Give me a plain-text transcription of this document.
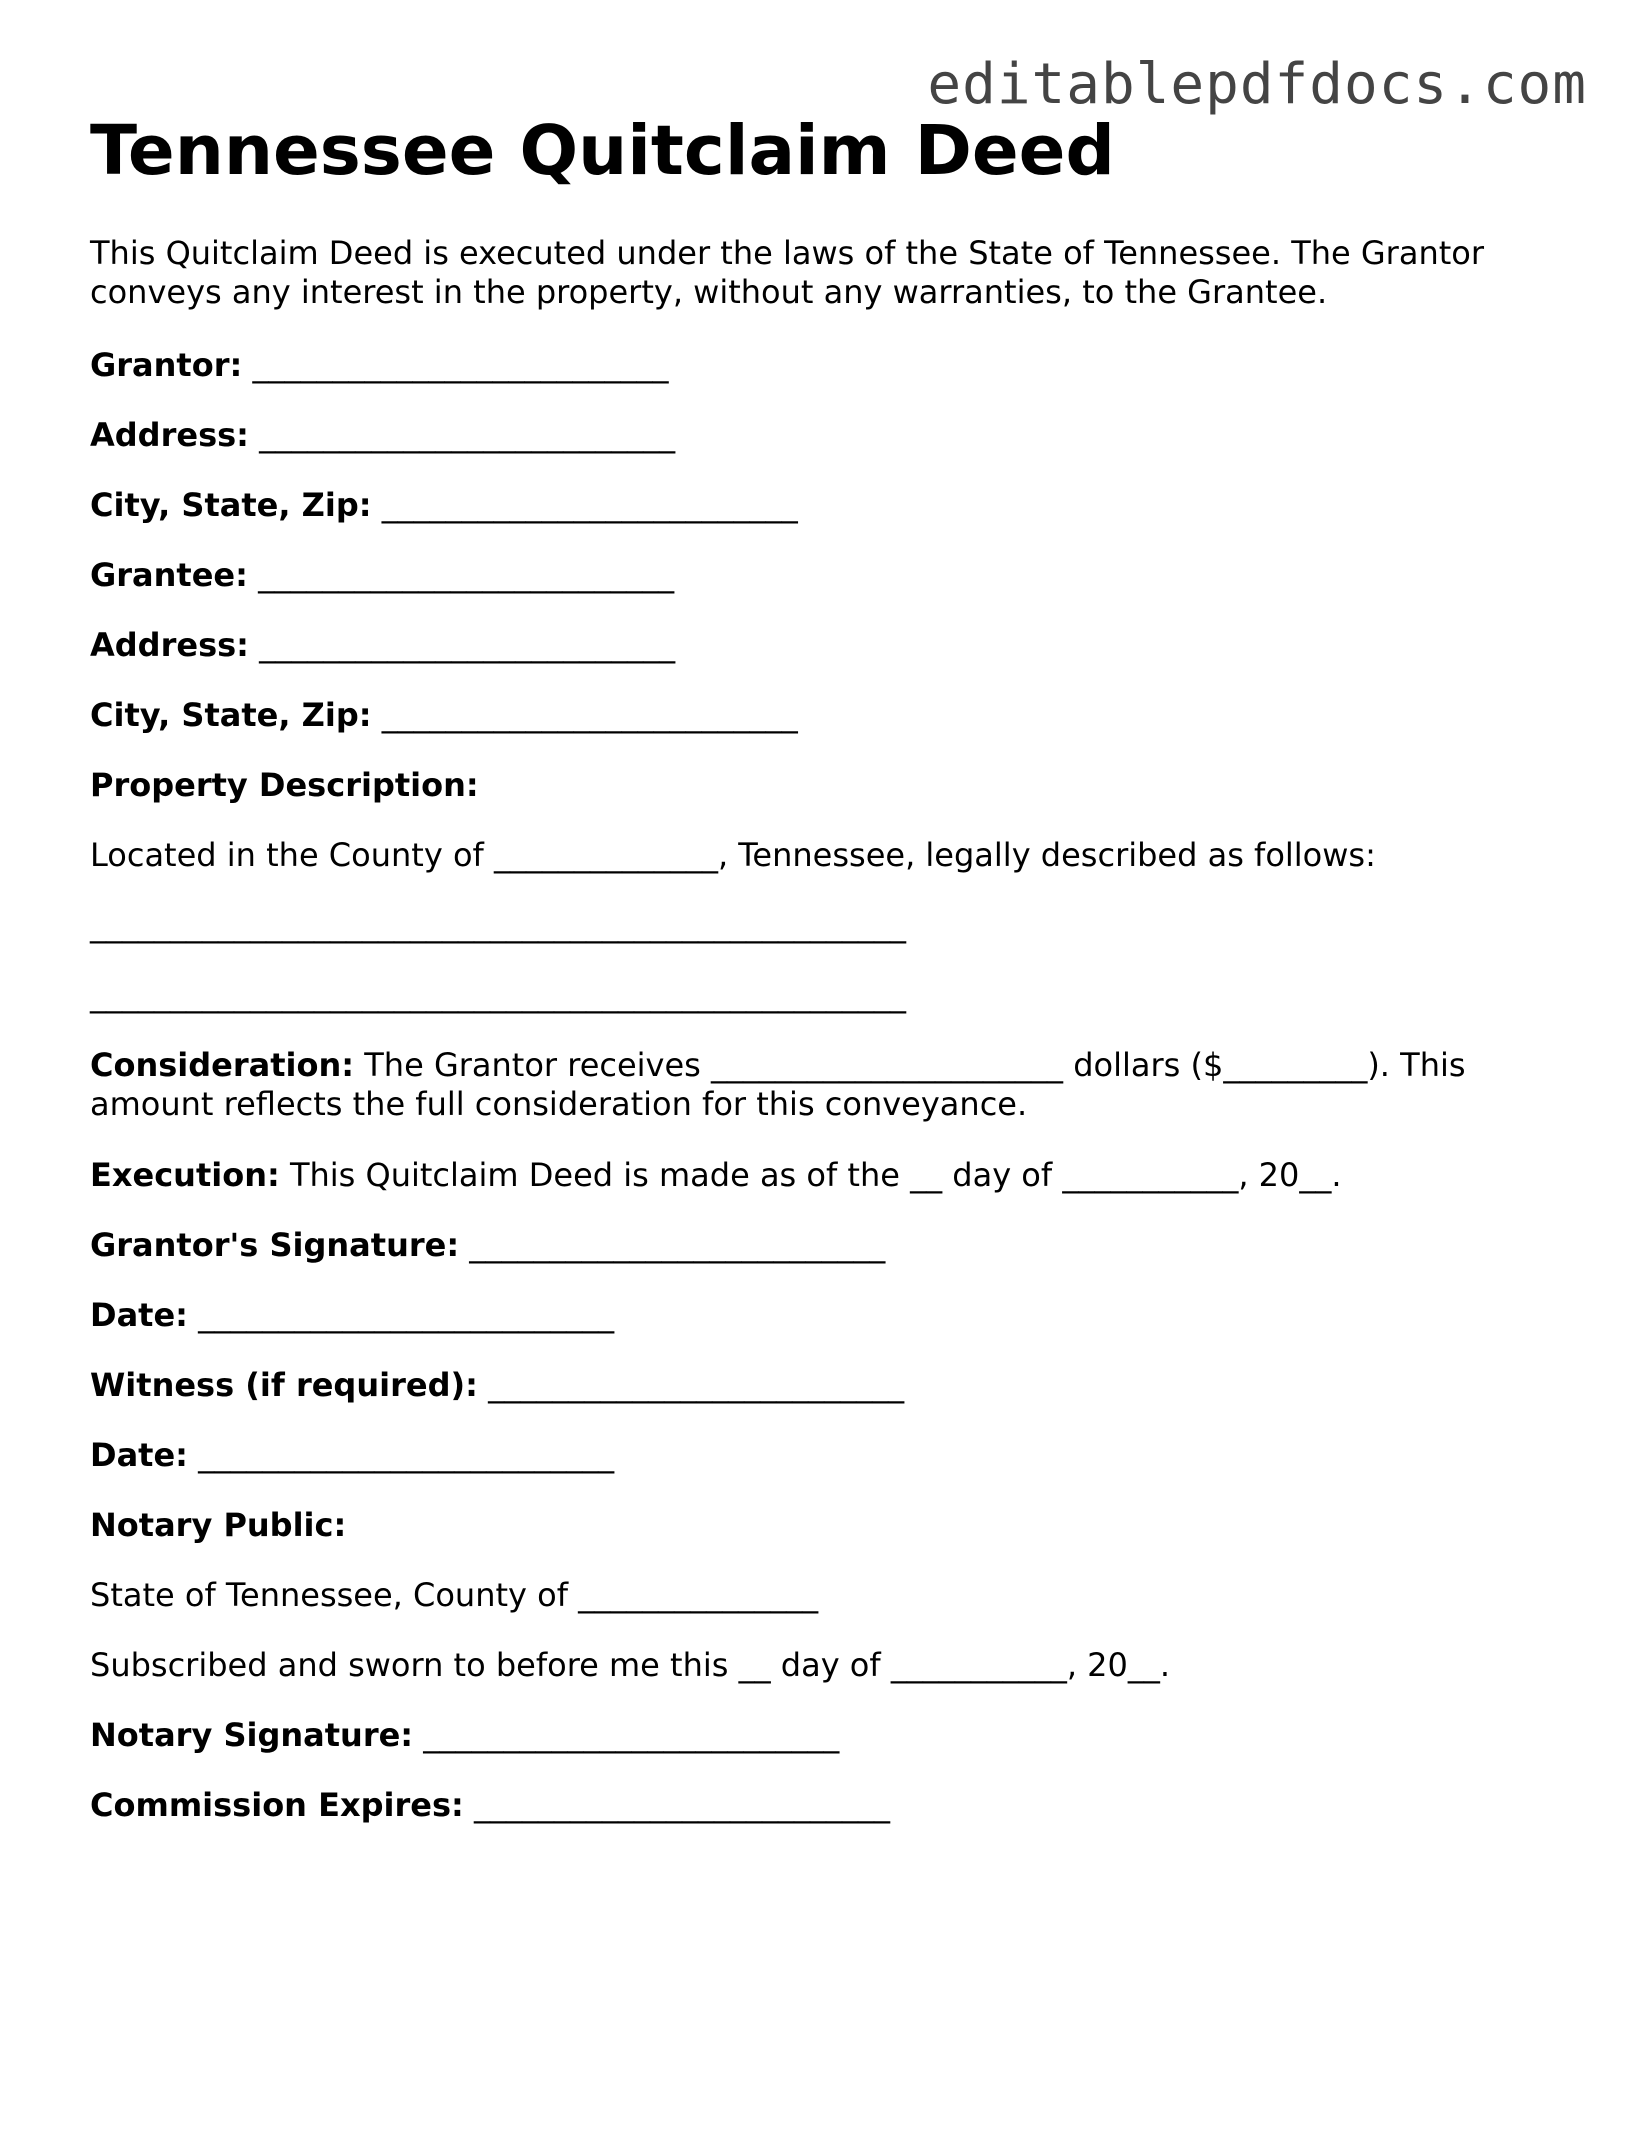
editablepdfdocs.com
Tennessee Quitclaim Deed

This Quitclaim Deed is executed under the laws of the State of Tennessee. The Grantor conveys any interest in the property, without any warranties, to the Grantee.

Grantor: __________________________

Address: __________________________

City, State, Zip: __________________________

Grantee: __________________________

Address: __________________________

City, State, Zip: __________________________

Property Description:

Located in the County of ______________, Tennessee, legally described as follows:

___________________________________________________

___________________________________________________

Consideration: The Grantor receives ______________________ dollars ($_________). This amount reflects the full consideration for this conveyance.

Execution: This Quitclaim Deed is made as of the __ day of ___________, 20__.

Grantor's Signature: __________________________

Date: __________________________

Witness (if required): __________________________

Date: __________________________

Notary Public:

State of Tennessee, County of _______________

Subscribed and sworn to before me this __ day of ___________, 20__.

Notary Signature: __________________________

Commission Expires: __________________________
